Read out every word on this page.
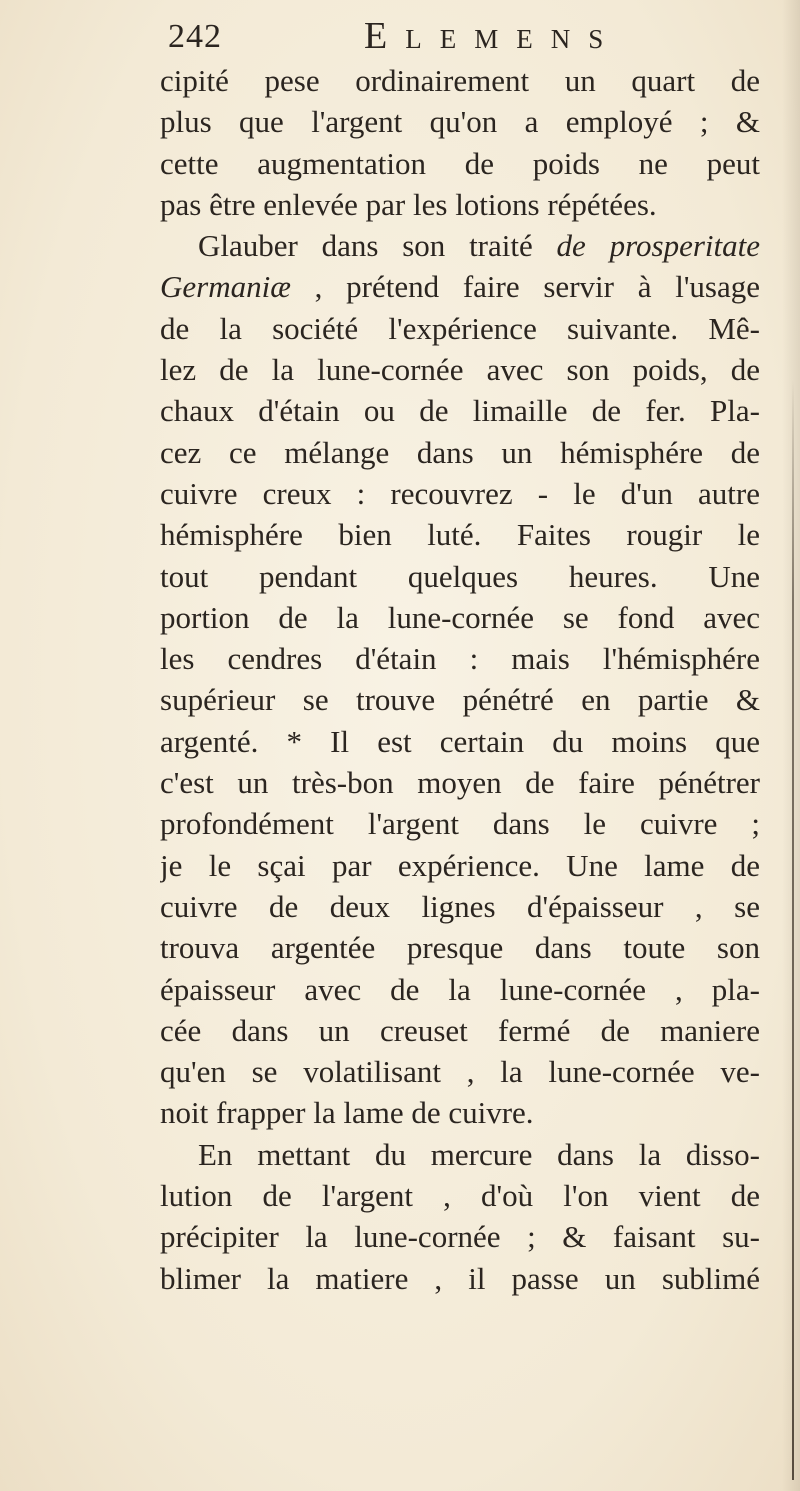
242	Elemens
cipité pese ordinairement un quart de
plus que l'argent qu'on a employé ; &
cette augmentation de poids ne peut
pas être enlevée par les lotions répétées.
Glauber dans son traité de prosperitate
Germaniæ , prétend faire servir à l'usage
de la société l'expérience suivante. Mê-
lez de la lune-cornée avec son poids, de
chaux d'étain ou de limaille de fer. Pla-
cez ce mélange dans un hémisphére de
cuivre creux : recouvrez - le d'un autre
hémisphére bien luté. Faites rougir le
tout pendant quelques heures. Une
portion de la lune-cornée se fond avec
les cendres d'étain : mais l'hémisphére
supérieur se trouve pénétré en partie &
argenté. * Il est certain du moins que
c'est un très-bon moyen de faire pénétrer
profondément l'argent dans le cuivre ;
je le sçai par expérience. Une lame de
cuivre de deux lignes d'épaisseur , se
trouva argentée presque dans toute son
épaisseur avec de la lune-cornée , pla-
cée dans un creuset fermé de maniere
qu'en se volatilisant , la lune-cornée ve-
noit frapper la lame de cuivre.
En mettant du mercure dans la disso-
lution de l'argent , d'où l'on vient de
précipiter la lune-cornée ; & faisant su-
blimer la matiere , il passe un sublimé
